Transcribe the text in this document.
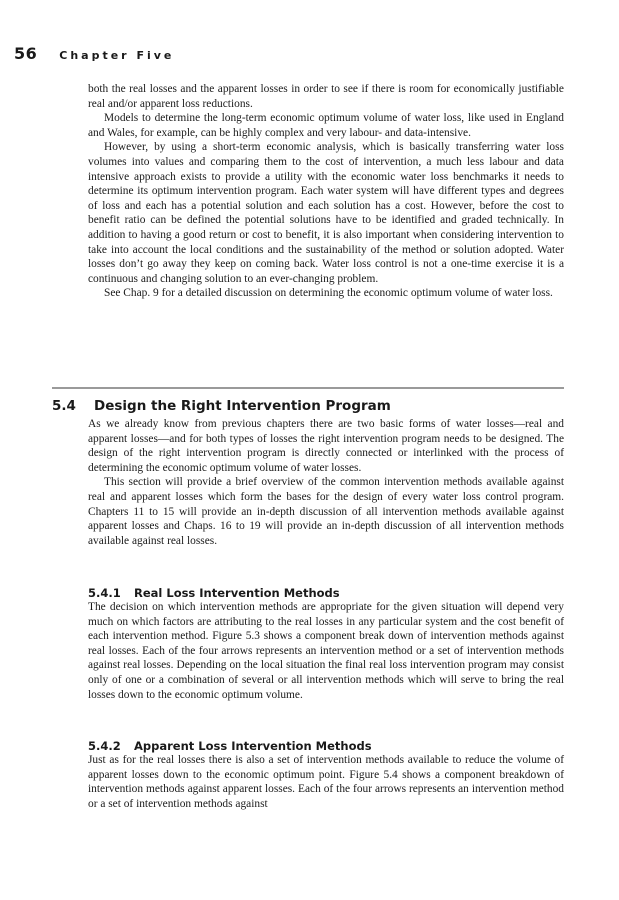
56 Chapter Five

both the real losses and the apparent losses in order to see if there is room for economically justifiable real and/or apparent loss reductions.

Models to determine the long-term economic optimum volume of water loss, like used in England and Wales, for example, can be highly complex and very labour- and data-intensive.

However, by using a short-term economic analysis, which is basically transferring water loss volumes into values and comparing them to the cost of intervention, a much less labour and data intensive approach exists to provide a utility with the economic water loss benchmarks it needs to determine its optimum intervention program. Each water system will have different types and degrees of loss and each has a potential solution and each solution has a cost. However, before the cost to benefit ratio can be defined the potential solutions have to be identified and graded technically. In addition to having a good return or cost to benefit, it is also important when considering intervention to take into account the local conditions and the sustainability of the method or solution adopted. Water losses don’t go away they keep on coming back. Water loss control is not a one-time exercise it is a continuous and changing solution to an ever-changing problem.

See Chap. 9 for a detailed discussion on determining the economic optimum volume of water loss.

5.4	Design the Right Intervention Program

As we already know from previous chapters there are two basic forms of water losses—real and apparent losses—and for both types of losses the right intervention program needs to be designed. The design of the right intervention program is directly connected or interlinked with the process of determining the economic optimum volume of water losses.

This section will provide a brief overview of the common intervention methods available against real and apparent losses which form the bases for the design of every water loss control program. Chapters 11 to 15 will provide an in-depth discussion of all intervention methods available against apparent losses and Chaps. 16 to 19 will provide an in-depth discussion of all intervention methods available against real losses.

5.4.1	Real Loss Intervention Methods

The decision on which intervention methods are appropriate for the given situation will depend very much on which factors are attributing to the real losses in any particular system and the cost benefit of each intervention method. Figure 5.3 shows a component break down of intervention methods against real losses. Each of the four arrows represents an intervention method or a set of intervention methods against real losses. Depending on the local situation the final real loss intervention program may consist only of one or a combination of several or all intervention methods which will serve to bring the real losses down to the economic optimum volume.

5.4.2	Apparent Loss Intervention Methods

Just as for the real losses there is also a set of intervention methods available to reduce the volume of apparent losses down to the economic optimum point. Figure 5.4 shows a component breakdown of intervention methods against apparent losses. Each of the four arrows represents an intervention method or a set of intervention methods against
